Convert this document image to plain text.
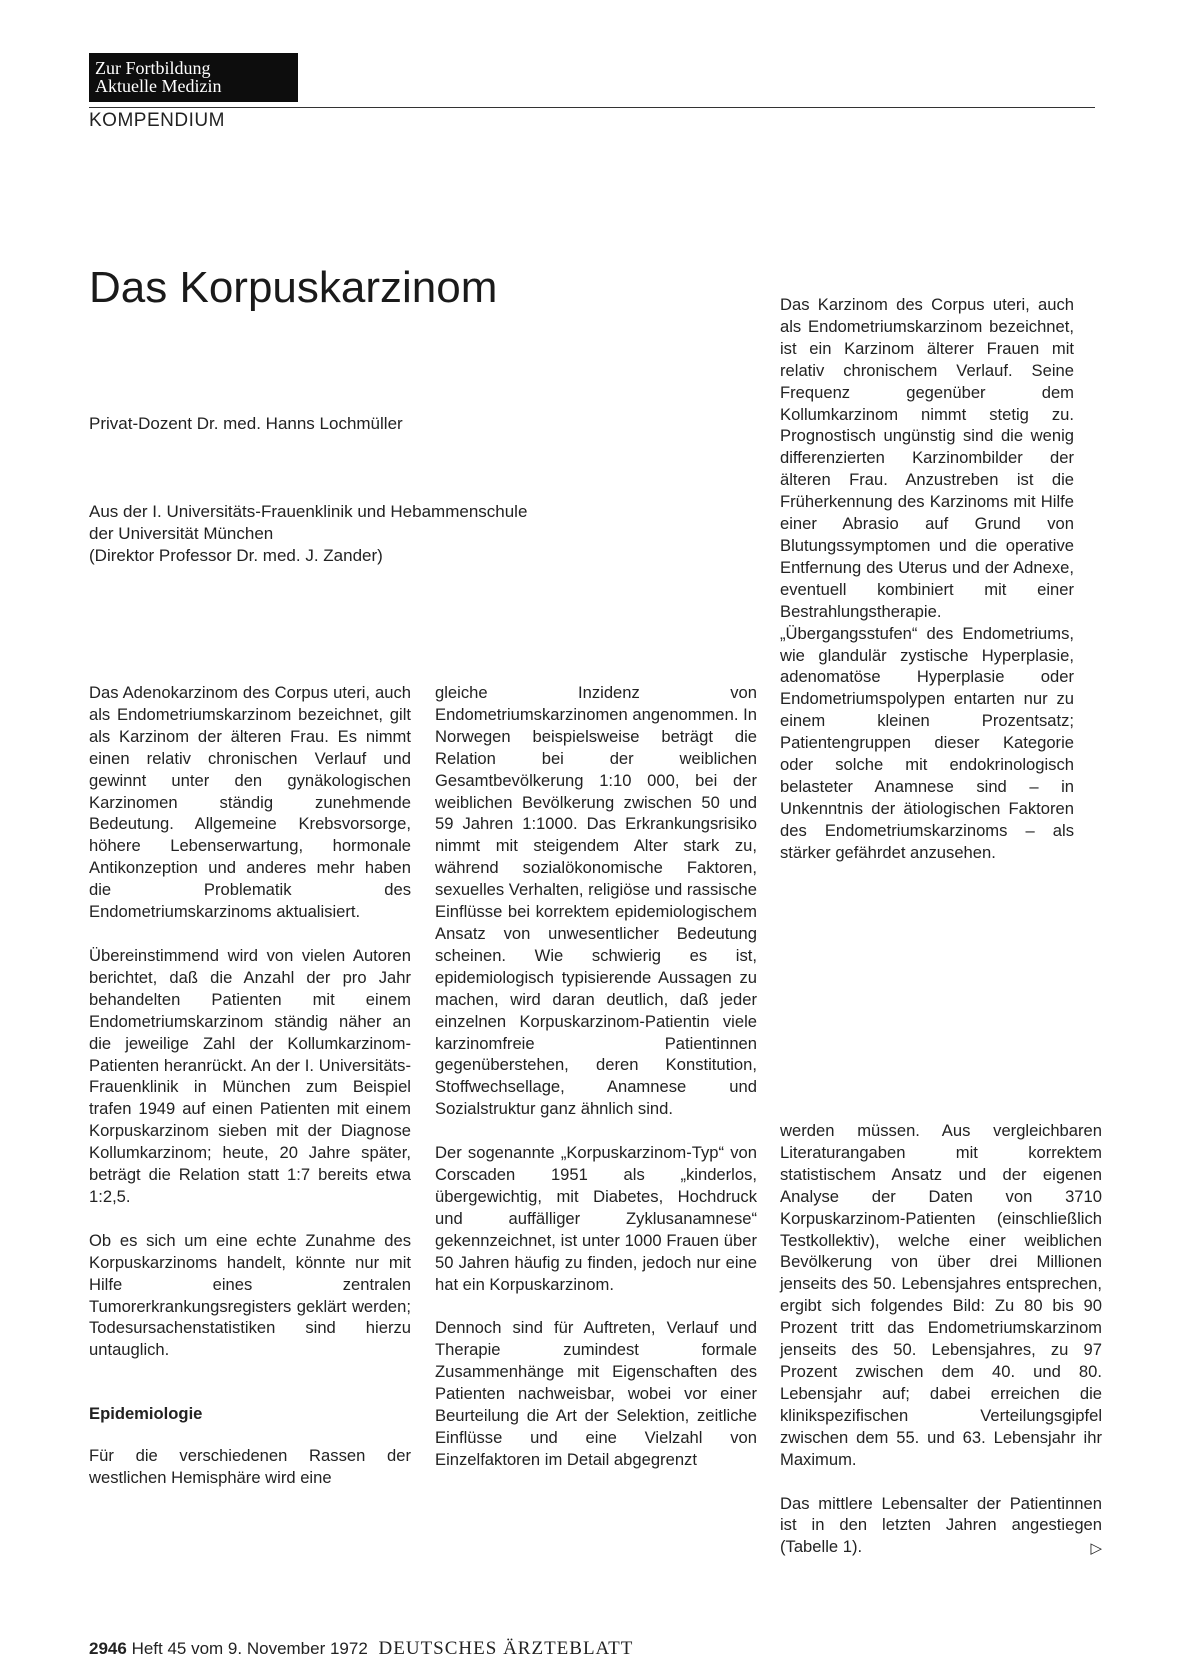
Zur Fortbildung
Aktuelle Medizin
KOMPENDIUM
Das Korpuskarzinom
Privat-Dozent Dr. med. Hanns Lochmüller
Aus der I. Universitäts-Frauenklinik und Hebammenschule
der Universität München
(Direktor Professor Dr. med. J. Zander)

Das Karzinom des Corpus uteri, auch als Endometriumskarzinom bezeichnet, ist ein Karzinom älterer Frauen mit relativ chronischem Verlauf. Seine Frequenz gegenüber dem Kollumkarzinom nimmt stetig zu. Prognostisch ungünstig sind die wenig differenzierten Karzinombilder der älteren Frau. Anzustreben ist die Früherkennung des Karzinoms mit Hilfe einer Abrasio auf Grund von Blutungssymptomen und die operative Entfernung des Uterus und der Adnexe, eventuell kombiniert mit einer Bestrahlungstherapie. „Übergangsstufen“ des Endometriums, wie glandulär zystische Hyperplasie, adenomatöse Hyperplasie oder Endometriumspolypen entarten nur zu einem kleinen Prozentsatz; Patientengruppen dieser Kategorie oder solche mit endokrinologisch belasteter Anamnese sind – in Unkenntnis der ätiologischen Faktoren des Endometriumskarzinoms – als stärker gefährdet anzusehen.

Das Adenokarzinom des Corpus uteri, auch als Endometriumskarzinom bezeichnet, gilt als Karzinom der älteren Frau. Es nimmt einen relativ chronischen Verlauf und gewinnt unter den gynäkologischen Karzinomen ständig zunehmende Bedeutung. Allgemeine Krebsvorsorge, höhere Lebenserwartung, hormonale Antikonzeption und anderes mehr haben die Problematik des Endometriumskarzinoms aktualisiert.

Übereinstimmend wird von vielen Autoren berichtet, daß die Anzahl der pro Jahr behandelten Patienten mit einem Endometriumskarzinom ständig näher an die jeweilige Zahl der Kollumkarzinom-Patienten heranrückt. An der I. Universitäts-Frauenklinik in München zum Beispiel trafen 1949 auf einen Patienten mit einem Korpuskarzinom sieben mit der Diagnose Kollumkarzinom; heute, 20 Jahre später, beträgt die Relation statt 1:7 bereits etwa 1:2,5.

Ob es sich um eine echte Zunahme des Korpuskarzinoms handelt, könnte nur mit Hilfe eines zentralen Tumorerkrankungsregisters geklärt werden; Todesursachenstatistiken sind hierzu untauglich.

Epidemiologie

Für die verschiedenen Rassen der westlichen Hemisphäre wird eine

gleiche Inzidenz von Endometriumskarzinomen angenommen. In Norwegen beispielsweise beträgt die Relation bei der weiblichen Gesamtbevölkerung 1:10 000, bei der weiblichen Bevölkerung zwischen 50 und 59 Jahren 1:1000. Das Erkrankungsrisiko nimmt mit steigendem Alter stark zu, während sozialökonomische Faktoren, sexuelles Verhalten, religiöse und rassische Einflüsse bei korrektem epidemiologischem Ansatz von unwesentlicher Bedeutung scheinen. Wie schwierig es ist, epidemiologisch typisierende Aussagen zu machen, wird daran deutlich, daß jeder einzelnen Korpuskarzinom-Patientin viele karzinomfreie Patientinnen gegenüberstehen, deren Konstitution, Stoffwechsellage, Anamnese und Sozialstruktur ganz ähnlich sind.

Der sogenannte „Korpuskarzinom-Typ“ von Corscaden 1951 als „kinderlos, übergewichtig, mit Diabetes, Hochdruck und auffälliger Zyklusanamnese“ gekennzeichnet, ist unter 1000 Frauen über 50 Jahren häufig zu finden, jedoch nur eine hat ein Korpuskarzinom.

Dennoch sind für Auftreten, Verlauf und Therapie zumindest formale Zusammenhänge mit Eigenschaften des Patienten nachweisbar, wobei vor einer Beurteilung die Art der Selektion, zeitliche Einflüsse und eine Vielzahl von Einzelfaktoren im Detail abgegrenzt

werden müssen. Aus vergleichbaren Literaturangaben mit korrektem statistischem Ansatz und der eigenen Analyse der Daten von 3710 Korpuskarzinom-Patienten (einschließlich Testkollektiv), welche einer weiblichen Bevölkerung von über drei Millionen jenseits des 50. Lebensjahres entsprechen, ergibt sich folgendes Bild: Zu 80 bis 90 Prozent tritt das Endometriumskarzinom jenseits des 50. Lebensjahres, zu 97 Prozent zwischen dem 40. und 80. Lebensjahr auf; dabei erreichen die klinikspezifischen Verteilungsgipfel zwischen dem 55. und 63. Lebensjahr ihr Maximum.

Das mittlere Lebensalter der Patientinnen ist in den letzten Jahren angestiegen (Tabelle 1).	▷

2946 Heft 45 vom 9. November 1972 DEUTSCHES ÄRZTEBLATT
